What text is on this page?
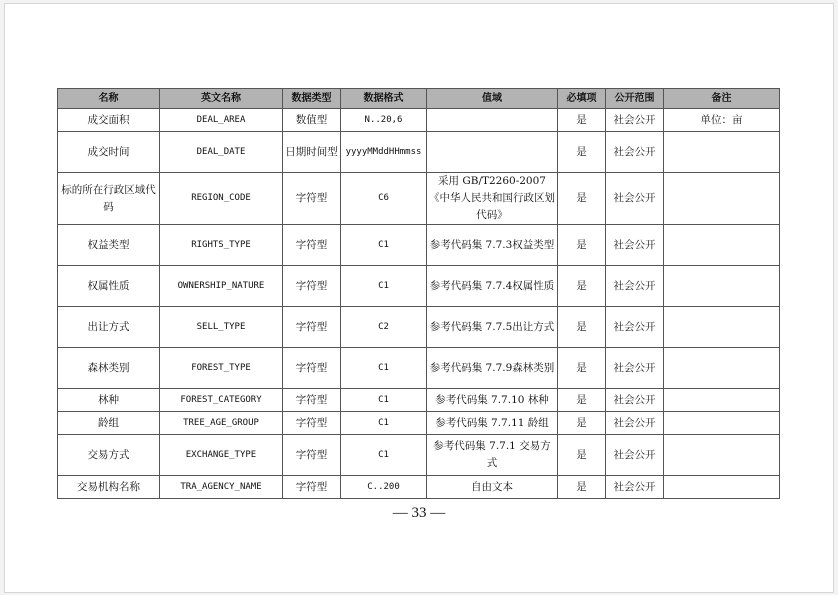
名称	英文名称	数据类型	数据格式	值域	必填项	公开范围	备注
成交面积	DEAL_AREA	数值型	N..20,6		是	社会公开	单位：亩
成交时间	DEAL_DATE	日期时间型	yyyyMMddHHmmss		是	社会公开	
标的所在行政区域代码	REGION_CODE	字符型	C6	采用 GB/T2260-2007《中华人民共和国行政区划代码》	是	社会公开	
权益类型	RIGHTS_TYPE	字符型	C1	参考代码集 7.7.3权益类型	是	社会公开	
权属性质	OWNERSHIP_NATURE	字符型	C1	参考代码集 7.7.4权属性质	是	社会公开	
出让方式	SELL_TYPE	字符型	C2	参考代码集 7.7.5出让方式	是	社会公开	
森林类别	FOREST_TYPE	字符型	C1	参考代码集 7.7.9森林类别	是	社会公开	
林种	FOREST_CATEGORY	字符型	C1	参考代码集 7.7.10 林种	是	社会公开	
龄组	TREE_AGE_GROUP	字符型	C1	参考代码集 7.7.11 龄组	是	社会公开	
交易方式	EXCHANGE_TYPE	字符型	C1	参考代码集 7.7.1 交易方式	是	社会公开	
交易机构名称	TRA_AGENCY_NAME	字符型	C..200	自由文本	是	社会公开	
— 33 —
